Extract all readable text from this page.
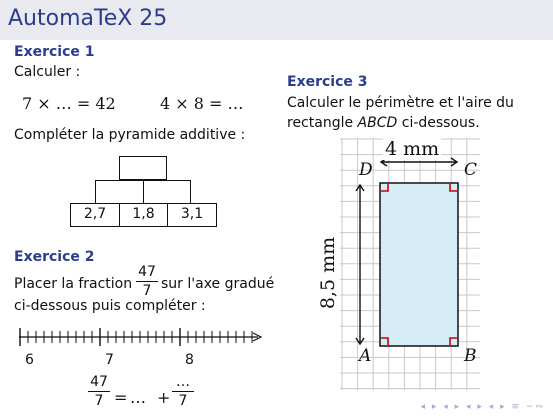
AutomaTeX 25
Exercice 1
Calculer :
7 × … = 42	4 × 8 = …
Compléter la pyramide additive :
2,7	1,8	3,1
Exercice 2
Placer la fraction
47
7 sur l'axe gradué
ci-dessous puis compléter :
6	7	8
47
7 = … +
…
7
Exercice 3
Calculer le périmètre et l'aire du
rectangle ABCD ci-dessous.
4 mm
8,5 mm
D	C
A	B
◂ ▸ ◂ ▸ ◂ ▸ ◂ ▸ ≡ ∽∾
